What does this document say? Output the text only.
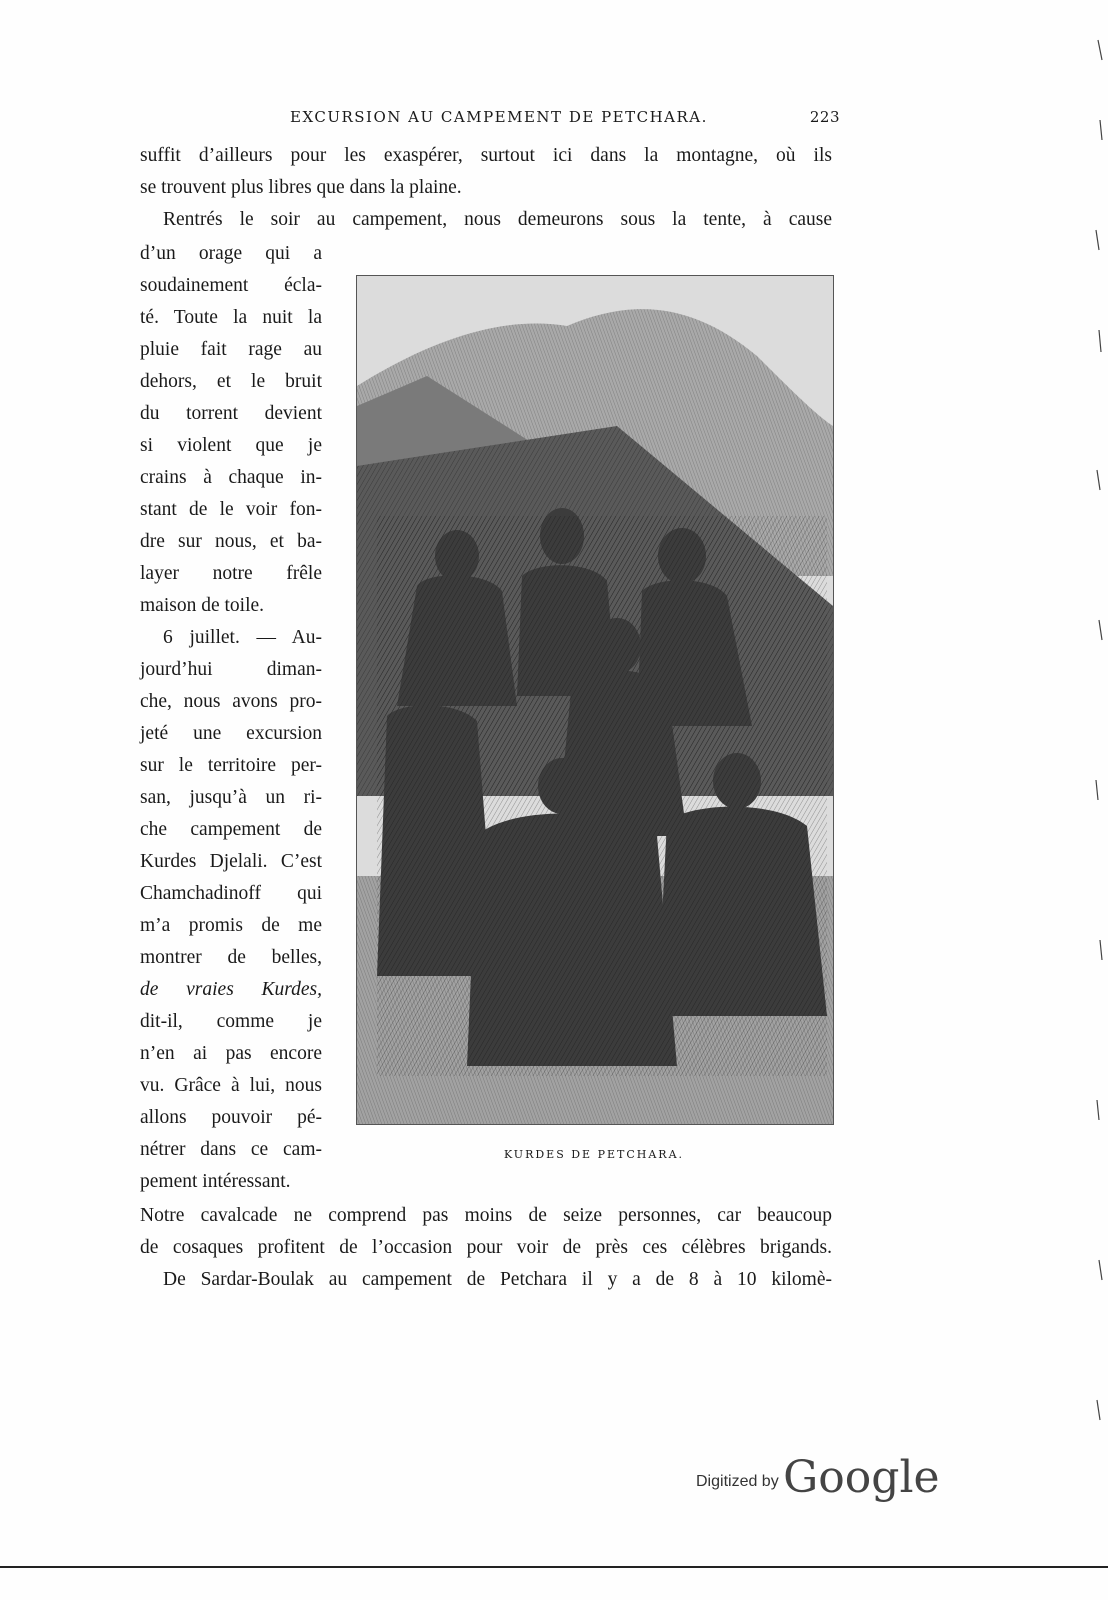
EXCURSION AU CAMPEMENT DE PETCHARA.	223
suffit d’ailleurs pour les exaspérer, surtout ici dans la montagne, où ils
se trouvent plus libres que dans la plaine.
Rentrés le soir au campement, nous demeurons sous la tente, à cause
d’un orage qui a
soudainement écla-
té. Toute la nuit la
pluie fait rage au
dehors, et le bruit
du torrent devient
si violent que je
crains à chaque in-
stant de le voir fon-
dre sur nous, et ba-
layer notre frêle
maison de toile.
6 juillet. — Au-
jourd’hui diman-
che, nous avons pro-
jeté une excursion
sur le territoire per-
san, jusqu’à un ri-
che campement de
Kurdes Djelali. C’est
Chamchadinoff qui
m’a promis de me
montrer de belles,
de vraies Kurdes,
dit-il, comme je
n’en ai pas encore
vu. Grâce à lui, nous
allons pouvoir pé-
nétrer dans ce cam-
pement intéressant.
Notre cavalcade ne comprend pas moins de seize personnes, car beaucoup
de cosaques profitent de l’occasion pour voir de près ces célèbres brigands.
De Sardar-Boulak au campement de Petchara il y a de 8 à 10 kilomè-
KURDES DE PETCHARA.
Digitized by Google
